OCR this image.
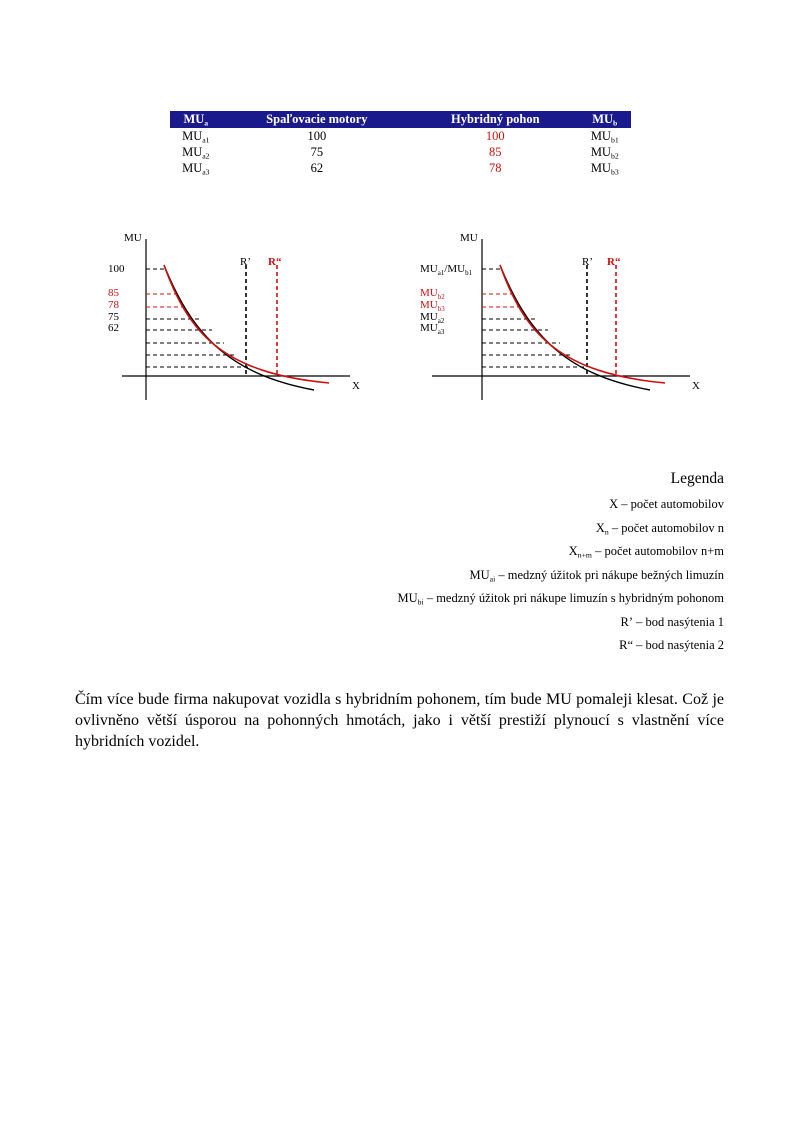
$MU_a$	Spaľovacie motory	Hybridný pohon	$MU_b$
$MU_{a1}$	100	100	$MU_{b1}$
$MU_{a2}$	75	85	$MU_{b2}$
$MU_{a3}$	62	78	$MU_{b3}$
MU
X
R’ R“
100
85
78
75
62
MU
X
R’ R“
$MU_{a1}/MU_{b1}$
$MU_{b2}$
$MU_{b3}$
$MU_{a2}$
$MU_{a3}$
Legenda
X – počet automobilov
$X_n$ – počet automobilov n
$X_{n+m}$ – počet automobilov n+m
$MU_{ai}$ – medzný úžitok pri nákupe bežných limuzín
$MU_{bi}$ – medzný úžitok pri nákupe limuzín s hybridným pohonom
R’ – bod nasýtenia 1
R“ – bod nasýtenia 2

Čím více bude firma nakupovat vozidla s hybridním pohonem, tím bude MU pomaleji klesat. Což je ovlivněno větší úsporou na pohonných hmotách, jako i větší prestiží plynoucí s vlastnění více hybridních vozidel.
